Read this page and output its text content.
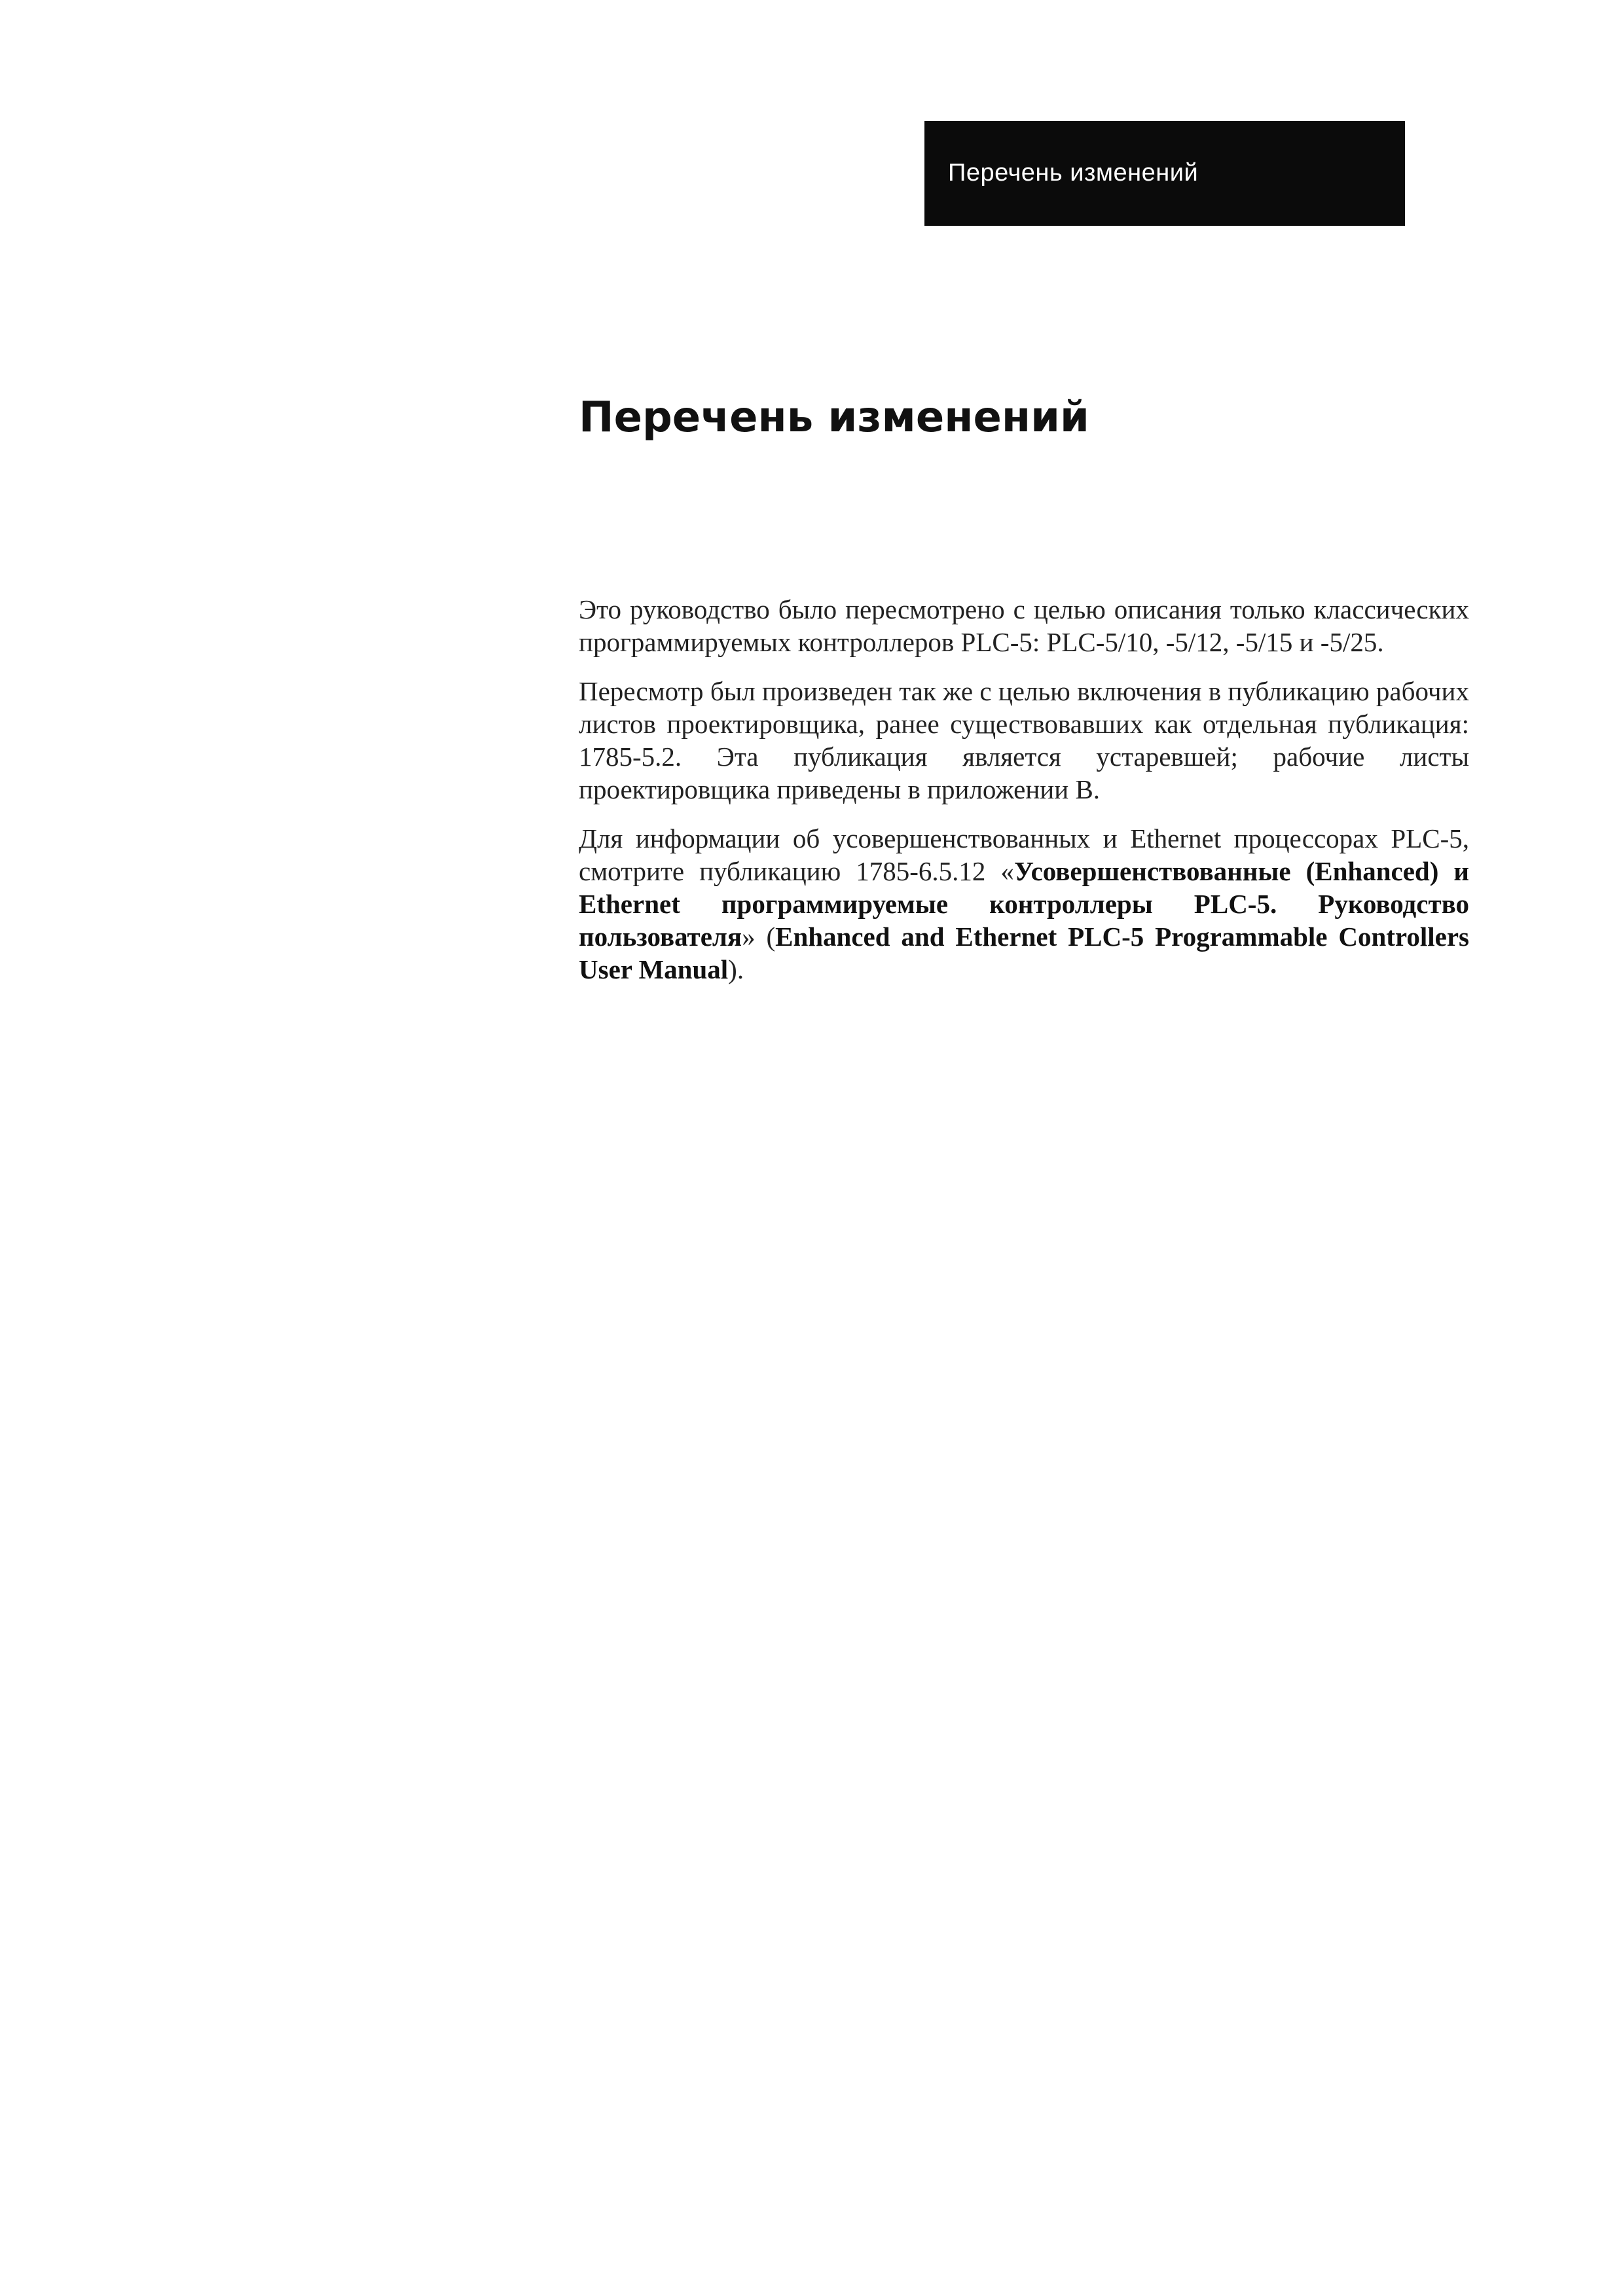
Перечень изменений
Перечень изменений

Это руководство было пересмотрено с целью описания только классических программируемых контроллеров PLC-5: PLC-5/10, -5/12, -5/15 и -5/25.

Пересмотр был произведен так же с целью включения в публикацию рабочих листов проектировщика, ранее существовавших как отдельная публикация: 1785-5.2. Эта публикация является устаревшей; рабочие листы проектировщика приведены в приложении B.

Для информации об усовершенствованных и Ethernet процессорах PLC-5, смотрите публикацию 1785-6.5.12 «Усовершенствованные (Enhanced) и Ethernet программируемые контроллеры PLC-5. Руководство пользователя» (Enhanced and Ethernet PLC-5 Programmable Controllers User Manual).
